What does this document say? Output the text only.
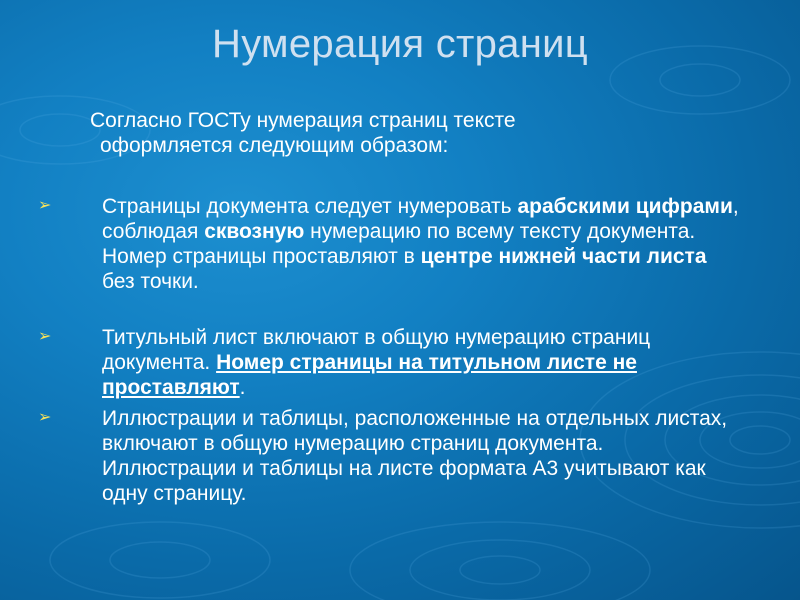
Нумерация страниц
Согласно ГОСТу нумерация страниц тексте
оформляется следующим образом:
➢ Страницы документа следует нумеровать арабскими цифрами, соблюдая сквозную нумерацию по всему тексту документа. Номер страницы проставляют в центре нижней части листа без точки.
➢ Титульный лист включают в общую нумерацию страниц документа. Номер страницы на титульном листе не проставляют.
➢ Иллюстрации и таблицы, расположенные на отдельных листах, включают в общую нумерацию страниц документа. Иллюстрации и таблицы на листе формата А3 учитывают как одну страницу.
